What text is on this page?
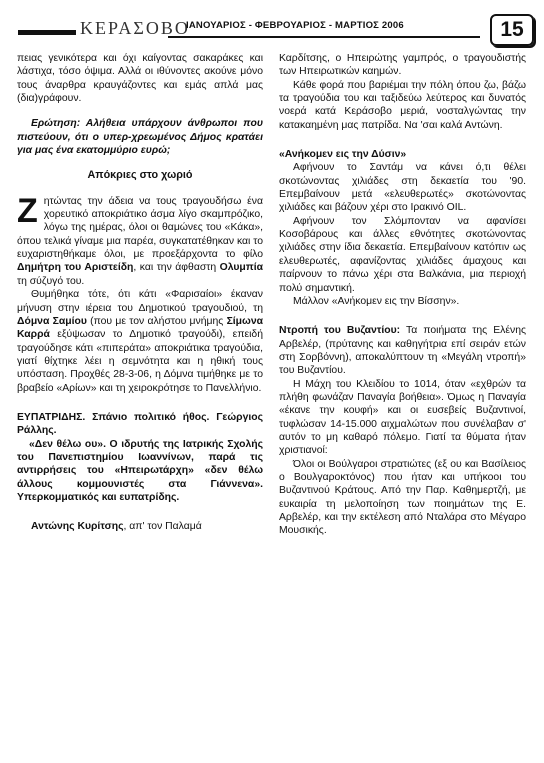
ΚΕΡΑΣΟΒΟ
ΙΑΝΟΥΑΡΙΟΣ - ΦΕΒΡΟΥΑΡΙΟΣ - ΜΑΡΤΙΟΣ 2006	15

πειας γενικότερα και όχι καίγοντας σακαράκες και λάστιχα, τόσο όψιμα. Αλλά οι ιθύνοντες ακούνε μόνο τους άναρθρα κραυγάζοντες και εμάς απλά μας (δια)γράφουν.

Ερώτηση: Αλήθεια υπάρχουν άνθρωποι που πιστεύουν, ότι ο υπερ-χρεωμένος Δήμος κρατάει για μας ένα εκατομμύριο ευρώ;

Απόκριες στο χωριό

Ζητώντας την άδεια να τους τραγουδήσω ένα χορευτικό αποκριάτικο άσμα λίγο σκαμπρόζικο, λόγω της ημέρας, όλοι οι θαμώνες του «Κάκα», όπου τελικά γίναμε μια παρέα, συγκατατέθηκαν και το ευχαριστηθήκαμε όλοι, με προεξάρχοντα το φίλο Δημήτρη του Αριστείδη, και την άφθαστη Ολυμπία τη σύζυγό του.

Θυμήθηκα τότε, ότι κάτι «Φαρισαίοι» έκαναν μήνυση στην ιέρεια του Δημοτικού τραγουδιού, τη Δόμνα Σαμίου (που με τον αλήστου μνήμης Σίμωνα Καρρά εξύψωσαν το Δημοτικό τραγούδι), επειδή τραγούδησε κάτι «πιπεράτα» αποκριάτικα τραγούδια, γιατί θίχτηκε λέει η σεμνότητα και η ηθική τους υπόσταση. Προχθές 28-3-06, η Δόμνα τιμήθηκε με το βραβείο «Αρίων» και τη χειροκρότησε το Πανελλήνιο.

ΕΥΠΑΤΡΙΔΗΣ. Σπάνιο πολιτικό ήθος. Γεώργιος Ράλλης.

«Δεν θέλω ου». Ο ιδρυτής της Ιατρικής Σχολής του Πανεπιστημίου Ιωαννίνων, παρά τις αντιρρήσεις του «Ηπειρωτάρχη» «δεν θέλω άλλους κομμουνιστές στα Γιάννενα». Υπερκομματικός και ευπατρίδης.

Αντώνης Κυρίτσης, απ' τον Παλαμά

Καρδίτσης, ο Ηπειρώτης γαμπρός, ο τραγουδιστής των Ηπειρωτικών καημών.

Κάθε φορά που βαριέμαι την πόλη όπου ζω, βάζω τα τραγούδια του και ταξιδεύω λεύτερος και δυνατός νοερά κατά Κεράσοβο μεριά, νοσταλγώντας την κατακαημένη μας πατρίδα. Να 'σαι καλά Αντώνη.

«Ανήκομεν εις την Δύσιν»

Αφήνουν το Σαντάμ να κάνει ό,τι θέλει σκοτώνοντας χιλιάδες στη δεκαετία του '90. Επεμβαίνουν μετά «ελευθερωτές» σκοτώνοντας χιλιάδες και βάζουν χέρι στο Ιρακινό OIL.

Αφήνουν τον Σλόμπονταν να αφανίσει Κοσοβάρους και άλλες εθνότητες σκοτώνοντας χιλιάδες στην ίδια δεκαετία. Επεμβαίνουν κατόπιν ως ελευθερωτές, αφανίζοντας χιλιάδες άμαχους και παίρνουν το πάνω χέρι στα Βαλκάνια, μια περιοχή πολύ σημαντική.

Μάλλον «Ανήκομεν εις την Βίσσην».

Ντροπή του Βυζαντίου: Τα ποιήματα της Ελένης Αρβελέρ, (πρύτανης και καθηγήτρια επί σειράν ετών στη Σορβόννη), αποκαλύπτουν τη «Μεγάλη ντροπή» του Βυζαντίου.

Η Μάχη του Κλειδίου το 1014, όταν «εχθρών τα πλήθη φωνάζαν Παναγία βοήθεια». Όμως η Παναγία «έκανε την κουφή» και οι ευσεβείς Βυζαντινοί, τυφλώσαν 14-15.000 αιχμαλώτων που συνέλαβαν σ' αυτόν το μη καθαρό πόλεμο. Γιατί τα θύματα ήταν χριστιανοί:

Όλοι οι Βούλγαροι στρατιώτες (εξ ου και Βασίλειος ο Βουλγαροκτόνος) που ήταν και υπήκοοι του Βυζαντινού Κράτους. Από την Παρ. Καθημερτζή, με ευκαιρία τη μελοποίηση των ποιημάτων της Ε. Αρβελέρ, και την εκτέλεση από Νταλάρα στο Μέγαρο Μουσικής.
